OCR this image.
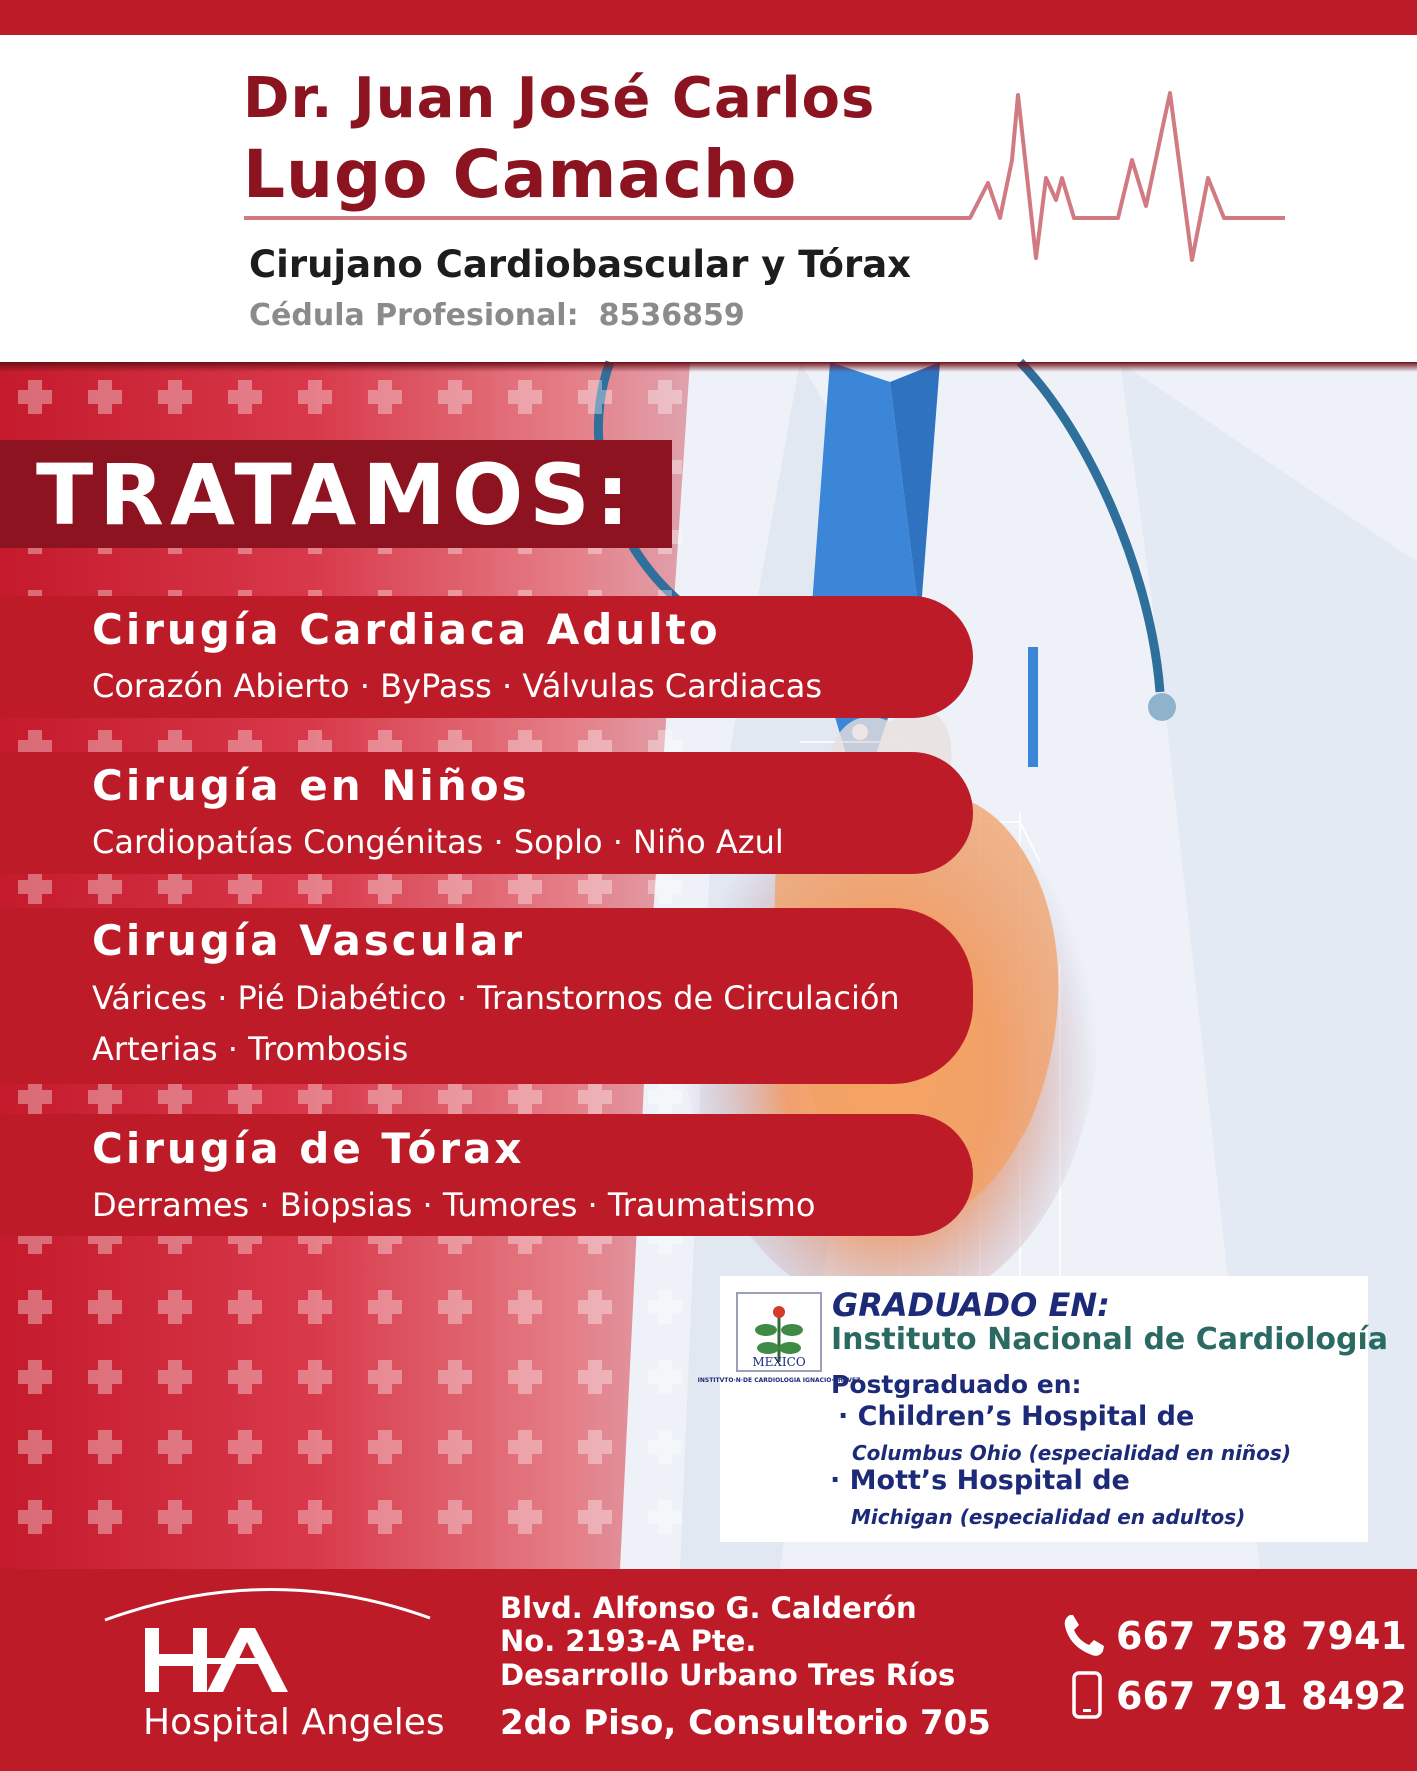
Dr. Juan José Carlos
Lugo Camacho
Cirujano Cardiobascular y Tórax
Cédula Profesional: 8536859
TRATAMOS:
Cirugía Cardiaca Adulto
Corazón Abierto · ByPass · Válvulas Cardiacas
Cirugía en Niños
Cardiopatías Congénitas · Soplo · Niño Azul
Cirugía Vascular
Várices · Pié Diabético · Transtornos de Circulación
Arterias · Trombosis
Cirugía de Tórax
Derrames · Biopsias · Tumores · Traumatismo
MEXICO
INSTITVTO·N·DE CARDIOLOGIA IGNACIO·CHAVEZ
GRADUADO EN:
Instituto Nacional de Cardiología
Postgraduado en:
· Children’s Hospital de
Columbus Ohio (especialidad en niños)
· Mott’s Hospital de
Michigan (especialidad en adultos)
Hospital Angeles
Blvd. Alfonso G. Calderón
No. 2193-A Pte.
Desarrollo Urbano Tres Ríos
2do Piso, Consultorio 705
667 758 7941
667 791 8492
